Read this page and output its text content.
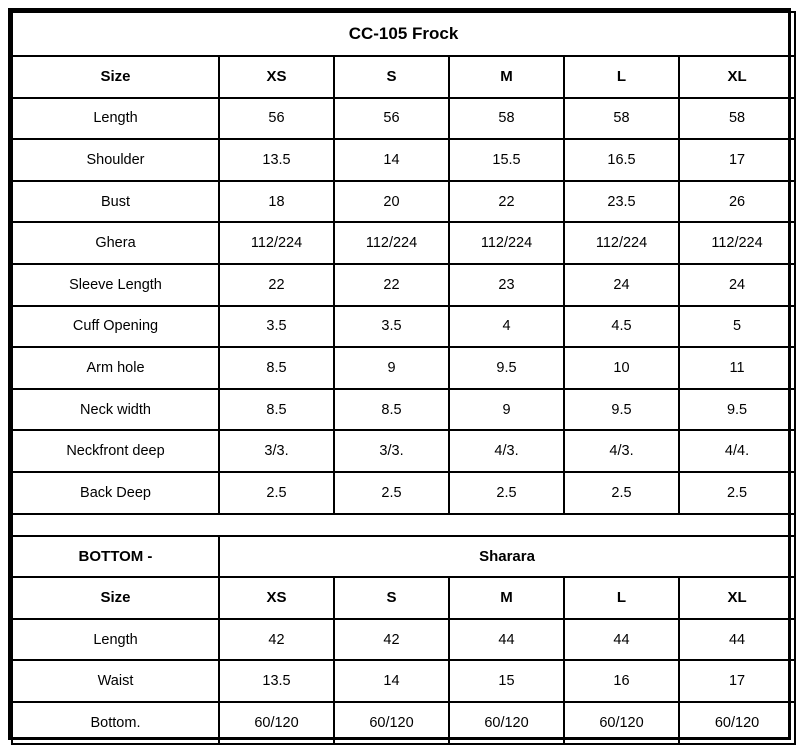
CC-105 Frock					
Size	XS	S	M	L	XL
Length	56	56	58	58	58
Shoulder	13.5	14	15.5	16.5	17
Bust	18	20	22	23.5	26
Ghera	112/224	112/224	112/224	112/224	112/224
Sleeve Length	22	22	23	24	24
Cuff Opening	3.5	3.5	4	4.5	5
Arm hole	8.5	9	9.5	10	11
Neck width	8.5	8.5	9	9.5	9.5
Neckfront deep	3/3.	3/3.	4/3.	4/3.	4/4.
Back Deep	2.5	2.5	2.5	2.5	2.5

BOTTOM -	Sharara				
Size	XS	S	M	L	XL
Length	42	42	44	44	44
Waist	13.5	14	15	16	17
Bottom.	60/120	60/120	60/120	60/120	60/120
